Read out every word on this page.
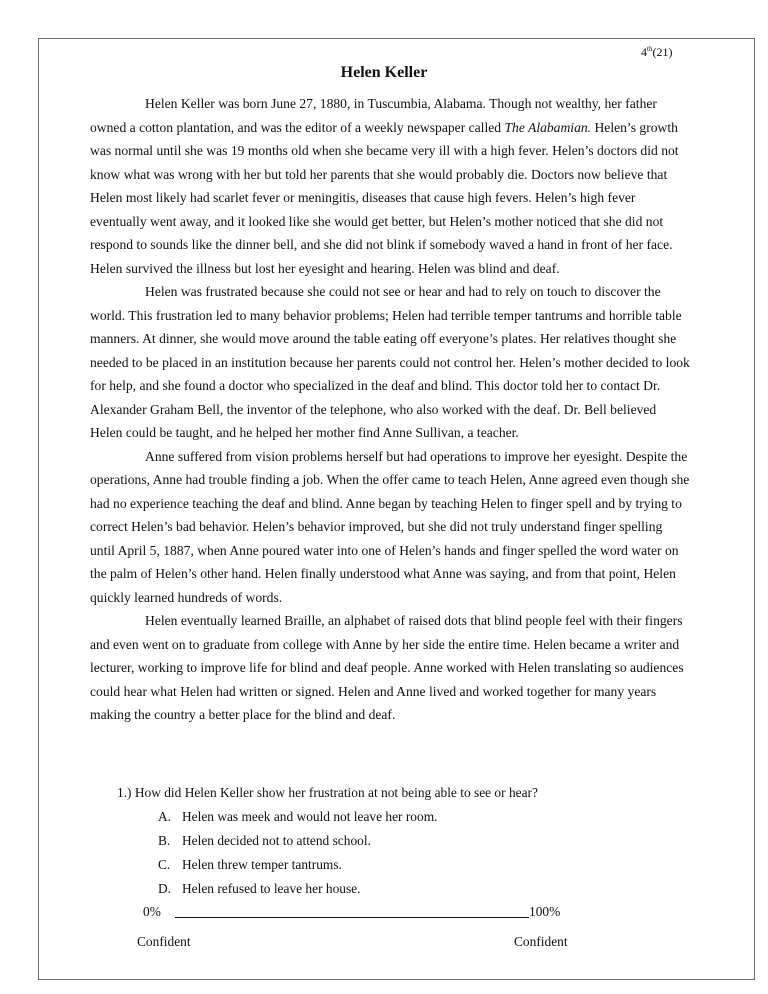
4th(21)
Helen Keller

Helen Keller was born June 27, 1880, in Tuscumbia, Alabama. Though not wealthy, her father owned a cotton plantation, and was the editor of a weekly newspaper called The Alabamian. Helen’s growth was normal until she was 19 months old when she became very ill with a high fever. Helen’s doctors did not know what was wrong with her but told her parents that she would probably die. Doctors now believe that Helen most likely had scarlet fever or meningitis, diseases that cause high fevers. Helen’s high fever eventually went away, and it looked like she would get better, but Helen’s mother noticed that she did not respond to sounds like the dinner bell, and she did not blink if somebody waved a hand in front of her face. Helen survived the illness but lost her eyesight and hearing. Helen was blind and deaf.

Helen was frustrated because she could not see or hear and had to rely on touch to discover the world. This frustration led to many behavior problems; Helen had terrible temper tantrums and horrible table manners. At dinner, she would move around the table eating off everyone’s plates. Her relatives thought she needed to be placed in an institution because her parents could not control her. Helen’s mother decided to look for help, and she found a doctor who specialized in the deaf and blind. This doctor told her to contact Dr. Alexander Graham Bell, the inventor of the telephone, who also worked with the deaf. Dr. Bell believed Helen could be taught, and he helped her mother find Anne Sullivan, a teacher.

Anne suffered from vision problems herself but had operations to improve her eyesight. Despite the operations, Anne had trouble finding a job. When the offer came to teach Helen, Anne agreed even though she had no experience teaching the deaf and blind. Anne began by teaching Helen to finger spell and by trying to correct Helen’s bad behavior. Helen’s behavior improved, but she did not truly understand finger spelling until April 5, 1887, when Anne poured water into one of Helen’s hands and finger spelled the word water on the palm of Helen’s other hand. Helen finally understood what Anne was saying, and from that point, Helen quickly learned hundreds of words.

Helen eventually learned Braille, an alphabet of raised dots that blind people feel with their fingers and even went on to graduate from college with Anne by her side the entire time. Helen became a writer and lecturer, working to improve life for blind and deaf people. Anne worked with Helen translating so audiences could hear what Helen had written or signed. Helen and Anne lived and worked together for many years making the country a better place for the blind and deaf.

1.) How did Helen Keller show her frustration at not being able to see or hear?
A. Helen was meek and would not leave her room.
B. Helen decided not to attend school.
C. Helen threw temper tantrums.
D. Helen refused to leave her house.
0%	100%
Confident	Confident
